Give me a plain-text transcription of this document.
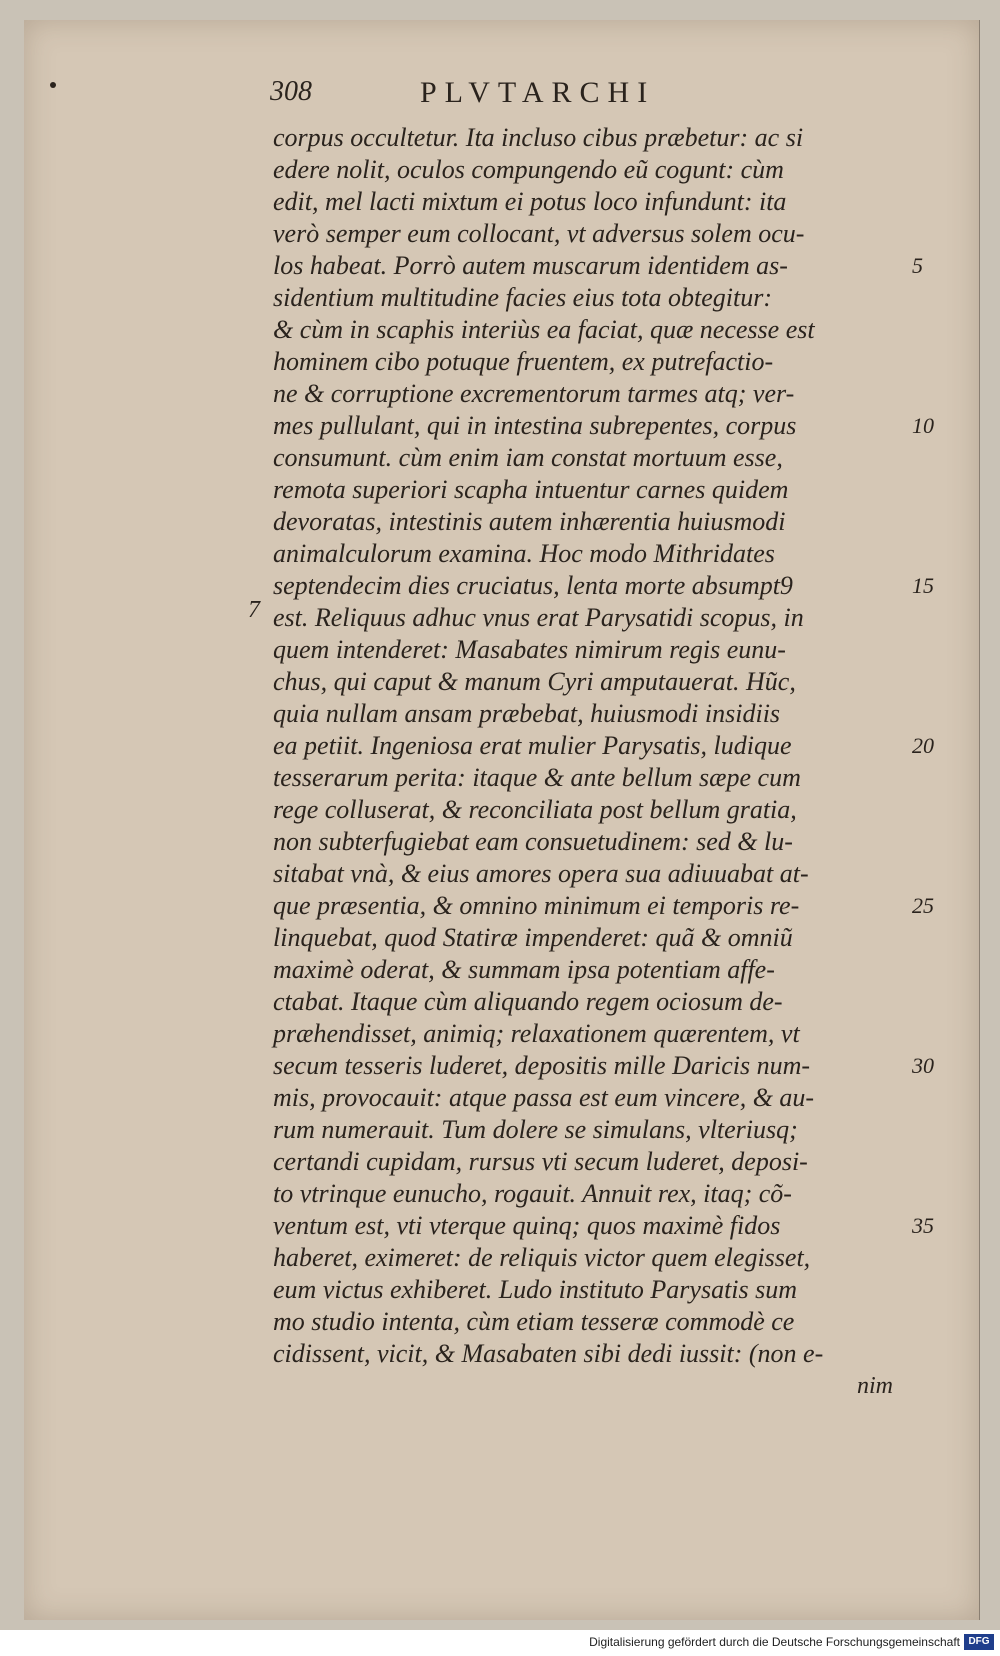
308	PLVTARCHI
7
corpus occultetur. Ita incluso cibus præbetur: ac si
edere nolit, oculos compungendo eũ cogunt: cùm
edit, mel lacti mixtum ei potus loco infundunt: ita
verò semper eum collocant, vt adversus solem ocu-
los habeat. Porrò autem muscarum identidem as-
sidentium multitudine facies eius tota obtegitur:
& cùm in scaphis interiùs ea faciat, quæ necesse est
hominem cibo potuque fruentem, ex putrefactio-
ne & corruptione excrementorum tarmes atq; ver-
mes pullulant, qui in intestina subrepentes, corpus
consumunt. cùm enim iam constat mortuum esse,
remota superiori scapha intuentur carnes quidem
devoratas, intestinis autem inhærentia huiusmodi
animalculorum examina. Hoc modo Mithridates
septendecim dies cruciatus, lenta morte absumpt9
est. Reliquus adhuc vnus erat Parysatidi scopus, in
quem intenderet: Masabates nimirum regis eunu-
chus, qui caput & manum Cyri amputauerat. Hũc,
quia nullam ansam præbebat, huiusmodi insidiis
ea petiit. Ingeniosa erat mulier Parysatis, ludique
tesserarum perita: itaque & ante bellum sæpe cum
rege colluserat, & reconciliata post bellum gratia,
non subterfugiebat eam consuetudinem: sed & lu-
sitabat vnà, & eius amores opera sua adiuuabat at-
que præsentia, & omnino minimum ei temporis re-
linquebat, quod Statiræ impenderet: quã & omniũ
maximè oderat, & summam ipsa potentiam affe-
ctabat. Itaque cùm aliquando regem ociosum de-
præhendisset, animiq; relaxationem quærentem, vt
secum tesseris luderet, depositis mille Daricis num-
mis, provocauit: atque passa est eum vincere, & au-
rum numerauit. Tum dolere se simulans, vlteriusq;
certandi cupidam, rursus vti secum luderet, deposi-
to vtrinque eunucho, rogauit. Annuit rex, itaq; cõ-
ventum est, vti vterque quinq; quos maximè fidos
haberet, eximeret: de reliquis victor quem elegisset,
eum victus exhiberet. Ludo instituto Parysatis sum
mo studio intenta, cùm etiam tesseræ commodè ce
cidissent, vicit, & Masabaten sibi dedi iussit: (non e-
nim
5
10
15
20
25
30
35
Digitalisierung gefördert durch die Deutsche Forschungsgemeinschaft DFG
